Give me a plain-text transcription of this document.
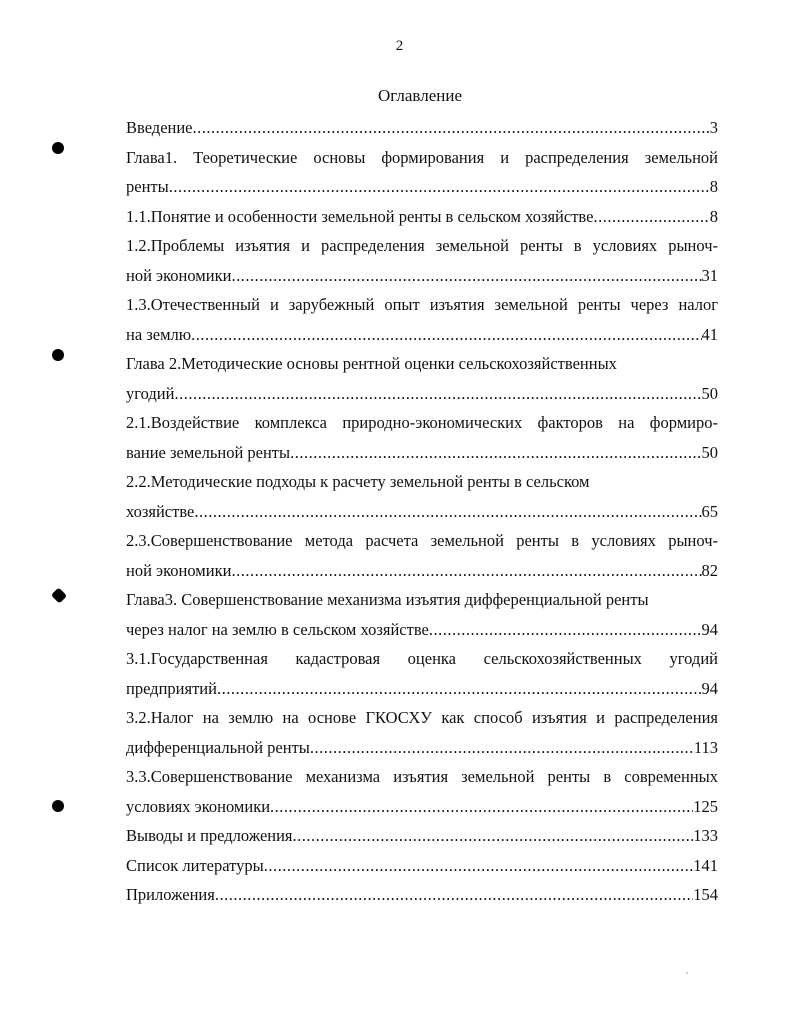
2
Оглавление
Введение .....	3
Глава1. Теоретические основы формирования и распределения земельной
ренты .....	8
1.1.Понятие и особенности земельной ренты в сельском хозяйстве .....	8
1.2.Проблемы изъятия и распределения земельной ренты в условиях рыноч-
ной экономики .....	31
1.3.Отечественный и зарубежный опыт изъятия земельной ренты через налог
на землю .....	41
Глава 2.Методические основы рентной оценки сельскохозяйственных
угодий .....	50
2.1.Воздействие комплекса природно-экономических факторов на формиро-
вание земельной ренты .....	50
2.2.Методические подходы к расчету земельной ренты в сельском
хозяйстве .....	65
2.3.Совершенствование метода расчета земельной ренты в условиях рыноч-
ной экономики .....	82
Глава3. Совершенствование механизма изъятия дифференциальной ренты
через налог на землю в сельском хозяйстве .....	94
3.1.Государственная кадастровая оценка сельскохозяйственных угодий
предприятий .....	94
3.2.Налог на землю на основе ГКОСХУ как способ изъятия и распределения
дифференциальной ренты .....	113
3.3.Совершенствование механизма изъятия земельной ренты в современных
условиях экономики .....	125
Выводы и предложения .....	133
Список литературы .....	141
Приложения .....	154
